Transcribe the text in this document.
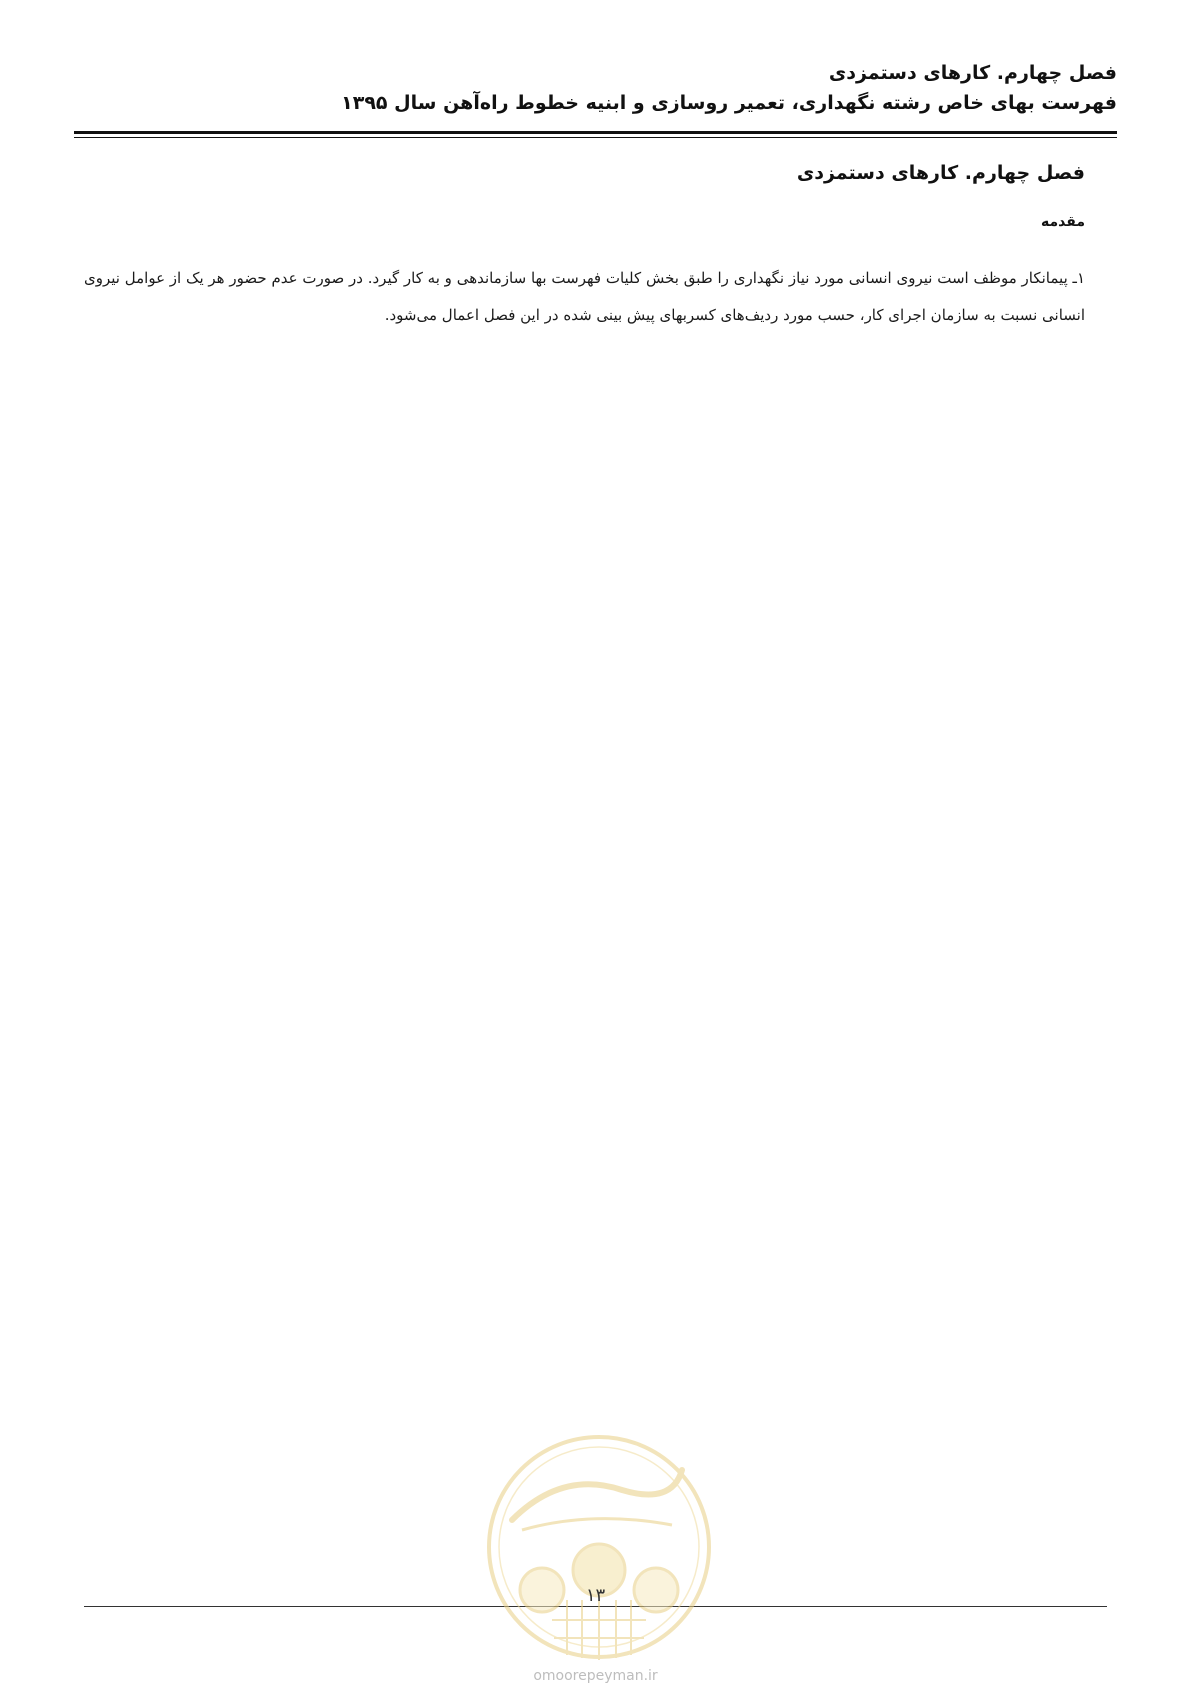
فصل چهارم. کارهای دستمزدی
فهرست بهای خاص رشته نگهداری، تعمیر روسازی و ابنیه خطوط راه‌آهن سال ۱۳۹۵
فصل چهارم. کارهای دستمزدی
مقدمه

۱ـ پیمانکار موظف است نیروی انسانی مورد نیاز نگهداری را طبق بخش کلیات فهرست بها سازماندهی و به کار گیرد. در صورت عدم حضور هر یک از عوامل نیروی انسانی نسبت به سازمان اجرای کار، حسب مورد ردیف‌های کسربهای پیش بینی شده در این فصل اعمال می‌شود.

۱۳
omoorepeyman.ir
